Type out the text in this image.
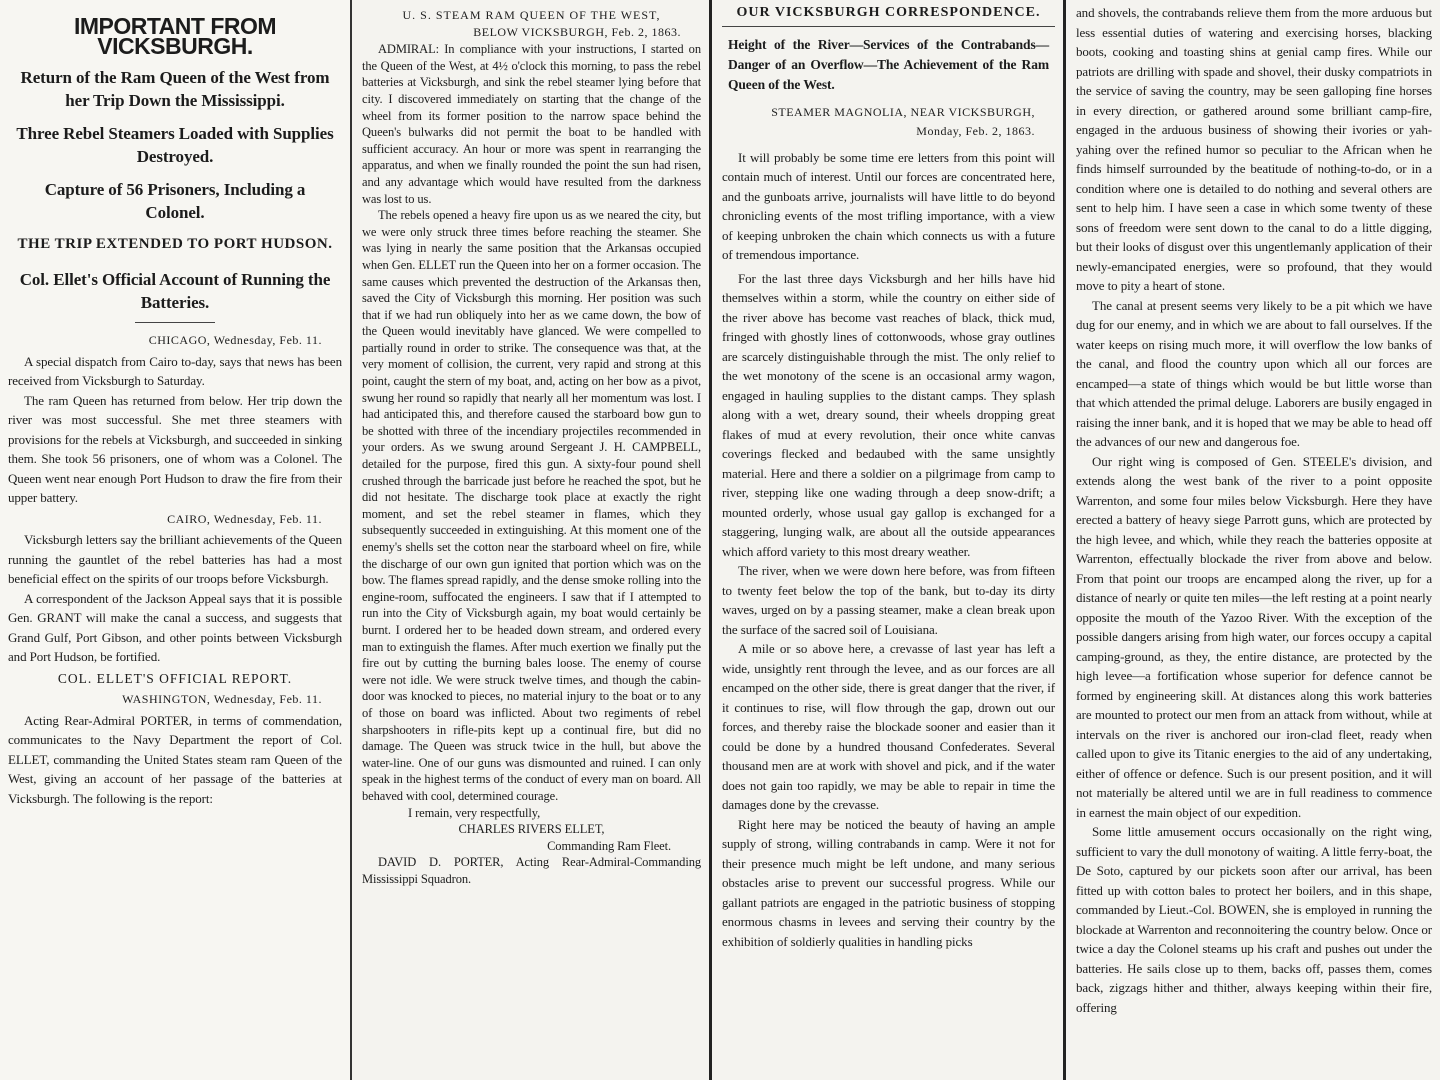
IMPORTANT FROM VICKSBURGH.
Return of the Ram Queen of the West from her Trip Down the Mississippi.
Three Rebel Steamers Loaded with Supplies Destroyed.
Capture of 56 Prisoners, Including a Colonel.
THE TRIP EXTENDED TO PORT HUDSON.
Col. Ellet's Official Account of Running the Batteries.
CHICAGO, Wednesday, Feb. 11.

A special dispatch from Cairo to-day, says that news has been received from Vicksburgh to Saturday.

The ram Queen has returned from below. Her trip down the river was most successful. She met three steamers with provisions for the rebels at Vicksburgh, and succeeded in sinking them. She took 56 prisoners, one of whom was a Colonel. The Queen went near enough Port Hudson to draw the fire from their upper battery.

CAIRO, Wednesday, Feb. 11.

Vicksburgh letters say the brilliant achievements of the Queen running the gauntlet of the rebel batteries has had a most beneficial effect on the spirits of our troops before Vicksburgh.

A correspondent of the Jackson Appeal says that it is possible Gen. GRANT will make the canal a success, and suggests that Grand Gulf, Port Gibson, and other points between Vicksburgh and Port Hudson, be fortified.

COL. ELLET'S OFFICIAL REPORT.
WASHINGTON, Wednesday, Feb. 11.

Acting Rear-Admiral PORTER, in terms of commendation, communicates to the Navy Department the report of Col. ELLET, commanding the United States steam ram Queen of the West, giving an account of her passage of the batteries at Vicksburgh. The following is the report:

U. S. STEAM RAM QUEEN OF THE WEST,
BELOW VICKSBURGH, Feb. 2, 1863.

ADMIRAL: In compliance with your instructions, I started on the Queen of the West, at 4½ o'clock this morning, to pass the rebel batteries at Vicksburgh, and sink the rebel steamer lying before that city. I discovered immediately on starting that the change of the wheel from its former position to the narrow space behind the Queen's bulwarks did not permit the boat to be handled with sufficient accuracy. An hour or more was spent in rearranging the apparatus, and when we finally rounded the point the sun had risen, and any advantage which would have resulted from the darkness was lost to us.

The rebels opened a heavy fire upon us as we neared the city, but we were only struck three times before reaching the steamer. She was lying in nearly the same position that the Arkansas occupied when Gen. ELLET run the Queen into her on a former occasion. The same causes which prevented the destruction of the Arkansas then, saved the City of Vicksburgh this morning. Her position was such that if we had run obliquely into her as we came down, the bow of the Queen would inevitably have glanced. We were compelled to partially round in order to strike. The consequence was that, at the very moment of collision, the current, very rapid and strong at this point, caught the stern of my boat, and, acting on her bow as a pivot, swung her round so rapidly that nearly all her momentum was lost. I had anticipated this, and therefore caused the starboard bow gun to be shotted with three of the incendiary projectiles recommended in your orders. As we swung around Sergeant J. H. CAMPBELL, detailed for the purpose, fired this gun. A sixty-four pound shell crushed through the barricade just before he reached the spot, but he did not hesitate. The discharge took place at exactly the right moment, and set the rebel steamer in flames, which they subsequently succeeded in extinguishing. At this moment one of the enemy's shells set the cotton near the starboard wheel on fire, while the discharge of our own gun ignited that portion which was on the bow. The flames spread rapidly, and the dense smoke rolling into the engine-room, suffocated the engineers. I saw that if I attempted to run into the City of Vicksburgh again, my boat would certainly be burnt. I ordered her to be headed down stream, and ordered every man to extinguish the flames. After much exertion we finally put the fire out by cutting the burning bales loose. The enemy of course were not idle. We were struck twelve times, and though the cabin-door was knocked to pieces, no material injury to the boat or to any of those on board was inflicted. About two regiments of rebel sharpshooters in rifle-pits kept up a continual fire, but did no damage. The Queen was struck twice in the hull, but above the water-line. One of our guns was dismounted and ruined. I can only speak in the highest terms of the conduct of every man on board. All behaved with cool, determined courage.

I remain, very respectfully,

CHARLES RIVERS ELLET,
Commanding Ram Fleet.

DAVID D. PORTER, Acting Rear-Admiral-Commanding Mississippi Squadron.

OUR VICKSBURGH CORRESPONDENCE.
Height of the River—Services of the Contrabands—Danger of an Overflow—The Achievement of the Ram Queen of the West.
STEAMER MAGNOLIA, NEAR VICKSBURGH,
Monday, Feb. 2, 1863.

It will probably be some time ere letters from this point will contain much of interest. Until our forces are concentrated here, and the gunboats arrive, journalists will have little to do beyond chronicling events of the most trifling importance, with a view of keeping unbroken the chain which connects us with a future of tremendous importance.

For the last three days Vicksburgh and her hills have hid themselves within a storm, while the country on either side of the river above has become vast reaches of black, thick mud, fringed with ghostly lines of cottonwoods, whose gray outlines are scarcely distinguishable through the mist. The only relief to the wet monotony of the scene is an occasional army wagon, engaged in hauling supplies to the distant camps. They splash along with a wet, dreary sound, their wheels dropping great flakes of mud at every revolution, their once white canvas coverings flecked and bedaubed with the same unsightly material. Here and there a soldier on a pilgrimage from camp to river, stepping like one wading through a deep snow-drift; a mounted orderly, whose usual gay gallop is exchanged for a staggering, lunging walk, are about all the outside appearances which afford variety to this most dreary weather.

The river, when we were down here before, was from fifteen to twenty feet below the top of the bank, but to-day its dirty waves, urged on by a passing steamer, make a clean break upon the surface of the sacred soil of Louisiana.

A mile or so above here, a crevasse of last year has left a wide, unsightly rent through the levee, and as our forces are all encamped on the other side, there is great danger that the river, if it continues to rise, will flow through the gap, drown out our forces, and thereby raise the blockade sooner and easier than it could be done by a hundred thousand Confederates. Several thousand men are at work with shovel and pick, and if the water does not gain too rapidly, we may be able to repair in time the damages done by the crevasse.

Right here may be noticed the beauty of having an ample supply of strong, willing contrabands in camp. Were it not for their presence much might be left undone, and many serious obstacles arise to prevent our successful progress. While our gallant patriots are engaged in the patriotic business of stopping enormous chasms in levees and serving their country by the exhibition of soldierly qualities in handling picks

and shovels, the contrabands relieve them from the more arduous but less essential duties of watering and exercising horses, blacking boots, cooking and toasting shins at genial camp fires. While our patriots are drilling with spade and shovel, their dusky compatriots in the service of saving the country, may be seen galloping fine horses in every direction, or gathered around some brilliant camp-fire, engaged in the arduous business of showing their ivories or yah-yahing over the refined humor so peculiar to the African when he finds himself surrounded by the beatitude of nothing-to-do, or in a condition where one is detailed to do nothing and several others are sent to help him. I have seen a case in which some twenty of these sons of freedom were sent down to the canal to do a little digging, but their looks of disgust over this ungentlemanly application of their newly-emancipated energies, were so profound, that they would move to pity a heart of stone.

The canal at present seems very likely to be a pit which we have dug for our enemy, and in which we are about to fall ourselves. If the water keeps on rising much more, it will overflow the low banks of the canal, and flood the country upon which all our forces are encamped—a state of things which would be but little worse than that which attended the primal deluge. Laborers are busily engaged in raising the inner bank, and it is hoped that we may be able to head off the advances of our new and dangerous foe.

Our right wing is composed of Gen. STEELE's division, and extends along the west bank of the river to a point opposite Warrenton, and some four miles below Vicksburgh. Here they have erected a battery of heavy siege Parrott guns, which are protected by the high levee, and which, while they reach the batteries opposite at Warrenton, effectually blockade the river from above and below. From that point our troops are encamped along the river, up for a distance of nearly or quite ten miles—the left resting at a point nearly opposite the mouth of the Yazoo River. With the exception of the possible dangers arising from high water, our forces occupy a capital camping-ground, as they, the entire distance, are protected by the high levee—a fortification whose superior for defence cannot be formed by engineering skill. At distances along this work batteries are mounted to protect our men from an attack from without, while at intervals on the river is anchored our iron-clad fleet, ready when called upon to give its Titanic energies to the aid of any undertaking, either of offence or defence. Such is our present position, and it will not materially be altered until we are in full readiness to commence in earnest the main object of our expedition.

Some little amusement occurs occasionally on the right wing, sufficient to vary the dull monotony of waiting. A little ferry-boat, the De Soto, captured by our pickets soon after our arrival, has been fitted up with cotton bales to protect her boilers, and in this shape, commanded by Lieut.-Col. BOWEN, she is employed in running the blockade at Warrenton and reconnoitering the country below. Once or twice a day the Colonel steams up his craft and pushes out under the batteries. He sails close up to them, backs off, passes them, comes back, zigzags hither and thither, always keeping within their fire, offering
